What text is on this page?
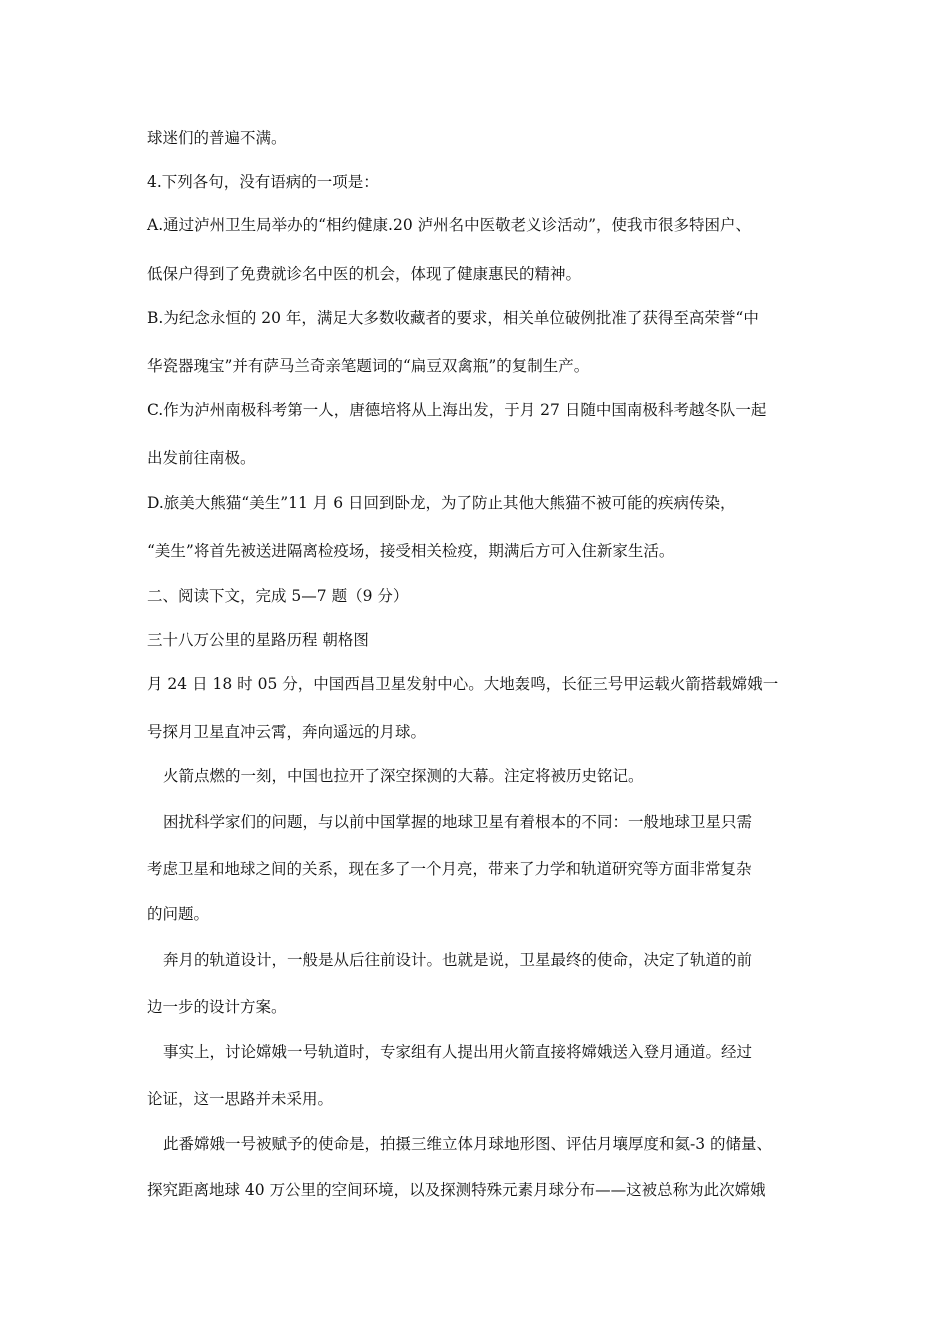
球迷们的普遍不满。
4.下列各句，没有语病的一项是：
A.通过泸州卫生局举办的“相约健康.20 泸州名中医敬老义诊活动”，使我市很多特困户、
低保户得到了免费就诊名中医的机会，体现了健康惠民的精神。
B.为纪念永恒的 20 年，满足大多数收藏者的要求，相关单位破例批准了获得至高荣誉“中
华瓷器瑰宝”并有萨马兰奇亲笔题词的“扁豆双禽瓶”的复制生产。
C.作为泸州南极科考第一人，唐德培将从上海出发，于月 27 日随中国南极科考越冬队一起
出发前往南极。
D.旅美大熊猫“美生”11 月 6 日回到卧龙，为了防止其他大熊猫不被可能的疾病传染，
“美生”将首先被送进隔离检疫场，接受相关检疫，期满后方可入住新家生活。
二、阅读下文，完成 5—7 题（9 分）
三十八万公里的星路历程 朝格图
月 24 日 18 时 05 分，中国西昌卫星发射中心。大地轰鸣，长征三号甲运载火箭搭载嫦娥一
号探月卫星直冲云霄，奔向遥远的月球。
火箭点燃的一刻，中国也拉开了深空探测的大幕。注定将被历史铭记。
困扰科学家们的问题，与以前中国掌握的地球卫星有着根本的不同：一般地球卫星只需
考虑卫星和地球之间的关系，现在多了一个月亮，带来了力学和轨道研究等方面非常复杂
的问题。
奔月的轨道设计，一般是从后往前设计。也就是说，卫星最终的使命，决定了轨道的前
边一步的设计方案。
事实上，讨论嫦娥一号轨道时，专家组有人提出用火箭直接将嫦娥送入登月通道。经过
论证，这一思路并未采用。
此番嫦娥一号被赋予的使命是，拍摄三维立体月球地形图、评估月壤厚度和氦-3 的储量、
探究距离地球 40 万公里的空间环境，以及探测特殊元素月球分布——这被总称为此次嫦娥
